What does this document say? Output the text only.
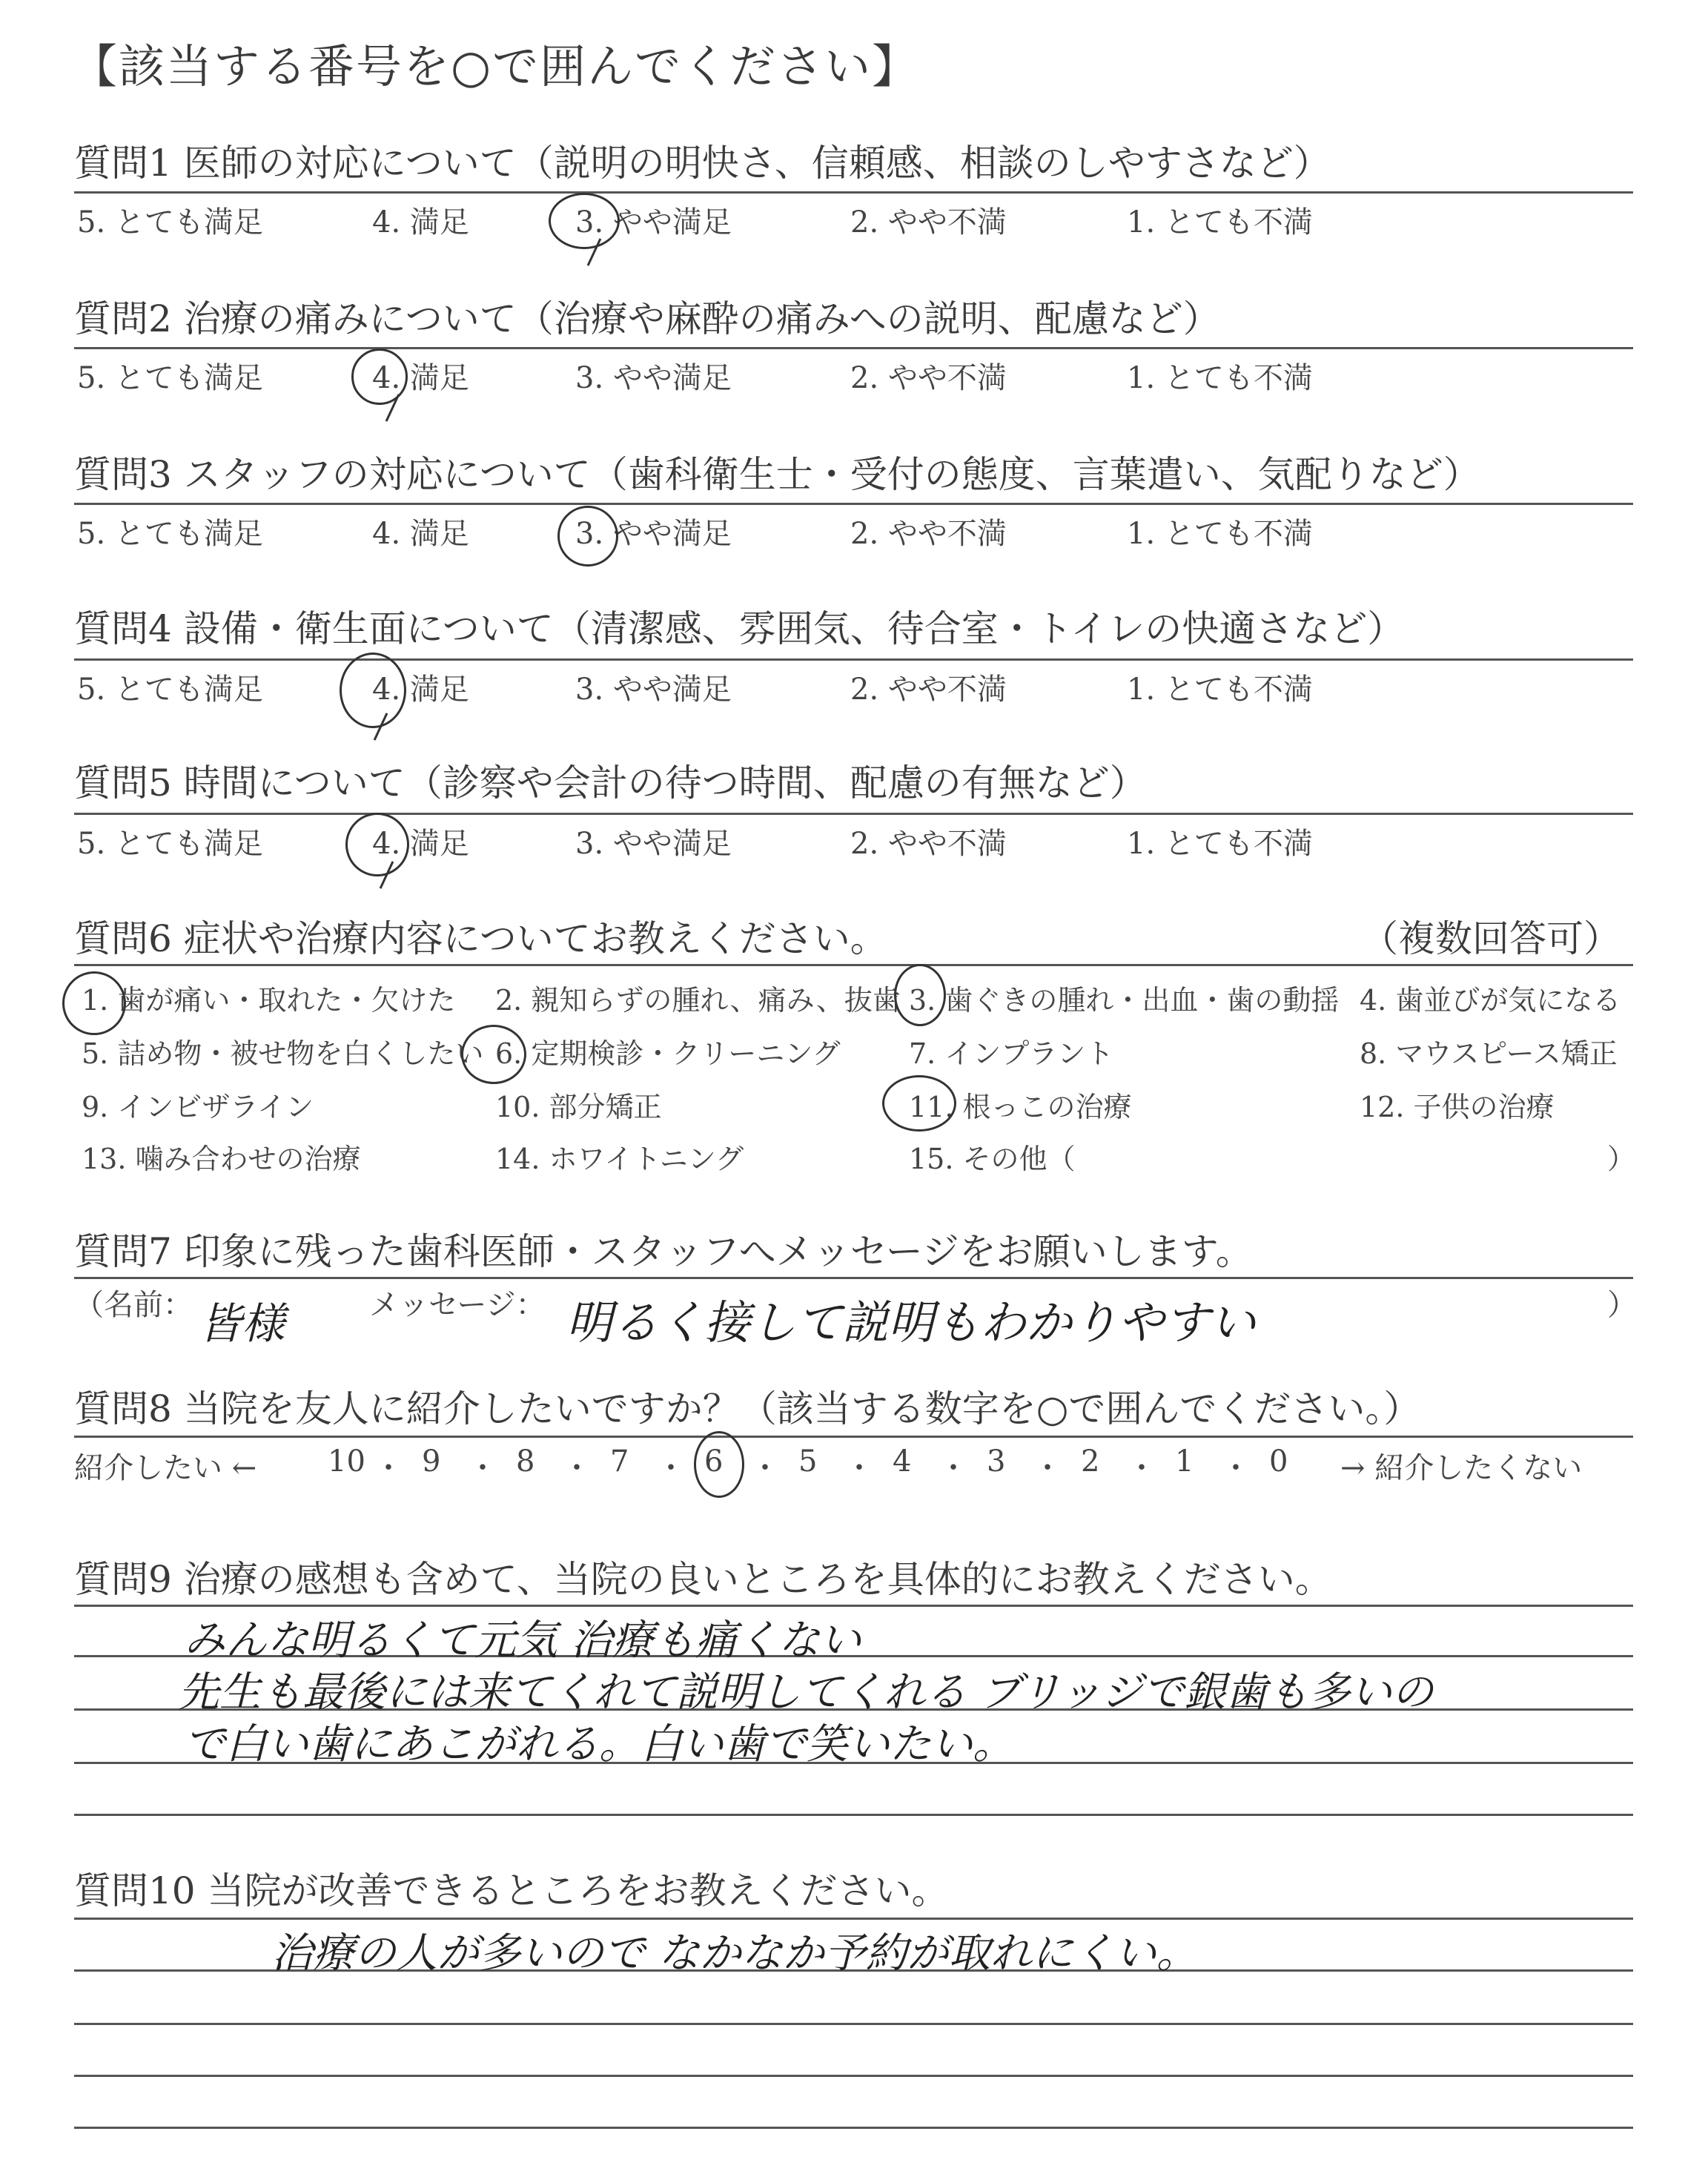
【該当する番号を○で囲んでください】
質問1 医師の対応について（説明の明快さ、信頼感、相談のしやすさなど）
5. とても満足	4. 満足	3. やや満足	2. やや不満	1. とても不満
質問2 治療の痛みについて（治療や麻酔の痛みへの説明、配慮など）
5. とても満足	4. 満足	3. やや満足	2. やや不満	1. とても不満
質問3 スタッフの対応について（歯科衛生士・受付の態度、言葉遣い、気配りなど）
5. とても満足	4. 満足	3. やや満足	2. やや不満	1. とても不満
質問4 設備・衛生面について（清潔感、雰囲気、待合室・トイレの快適さなど）
5. とても満足	4. 満足	3. やや満足	2. やや不満	1. とても不満
質問5 時間について（診察や会計の待つ時間、配慮の有無など）
5. とても満足	4. 満足	3. やや満足	2. やや不満	1. とても不満
質問6 症状や治療内容についてお教えください。	（複数回答可）
1. 歯が痛い・取れた・欠けた 2. 親知らずの腫れ、痛み、抜歯 3. 歯ぐきの腫れ・出血・歯の動揺 4. 歯並びが気になる
5. 詰め物・被せ物を白くしたい 6. 定期検診・クリーニング 7. インプラント	8. マウスピース矯正
9. インビザライン	10. 部分矯正	11. 根っこの治療	12. 子供の治療
13. 噛み合わせの治療	14. ホワイトニング	15. その他（	）
質問7 印象に残った歯科医師・スタッフへメッセージをお願いします。
（名前： 皆様	メッセージ： 明るく接して説明もわかりやすい	）
質問8 当院を友人に紹介したいですか？（該当する数字を○で囲んでください。）
紹介したい ←	→ 紹介したくない
10 ・ 9 ・ 8 ・ 7 ・ 6 ・ 5 ・ 4 ・ 3 ・ 2 ・ 1 ・ 0
質問9 治療の感想も含めて、当院の良いところを具体的にお教えください。
みんな明るくて元気 治療も痛くない
先生も最後には来てくれて説明してくれる ブリッジで銀歯も多いの
で白い歯にあこがれる。白い歯で笑いたい。
質問10 当院が改善できるところをお教えください。
治療の人が多いので なかなか予約が取れにくい。
